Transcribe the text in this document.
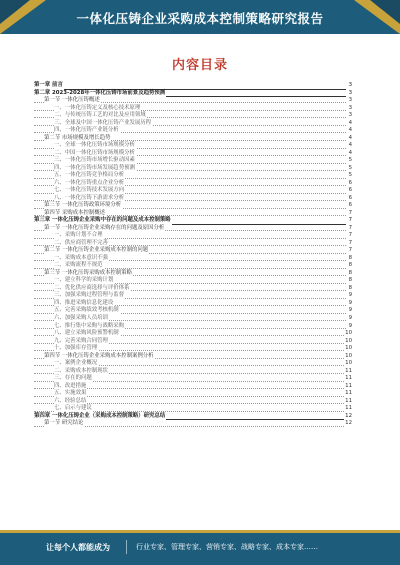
一体化压铸企业采购成本控制策略研究报告
内容目录
第一章 前言	3
第二章 2023-2028年一体化压铸市场前景及趋势预测	3
第一节 一体化压铸概述	3
一、一体化压铸定义及核心技术原理	3
二、与传统压铸工艺的对比及应用领域	3
三、全球及中国一体化压铸产业发展历程	4
四、一体化压铸产业链分析	4
第二节 市场规模及增长趋势	4
一、全球一体化压铸市场规模分析	4
二、中国一体化压铸市场规模分析	4
三、一体化压铸市场增长驱动因素	5
四、一体化压铸市场发展趋势预测	5
五、一体化压铸竞争格局分析	5
六、一体化压铸重点企业分析	6
七、一体化压铸技术发展方向	6
八、一体化压铸下游需求分析	6
第三节 一体化压铸政策环境分析	6
第四节 采购成本控制概述	7
第三章 一体化压铸企业采购中存在的问题及成本控制策略	7
第一节 一体化压铸企业采购存在的问题及原因分析	7
一、采购计划不合理	7
二、供应商管理不完善	7
第二节 一体化压铸企业采购成本控制的问题	7
一、采购成本意识不强	8
二、采购流程不规范	8
第三节 一体化压铸采购成本控制策略	8
一、建立科学的采购计划	8
二、优化供应商选择与评价体系	8
三、加强采购过程管理与监督	9
四、推进采购信息化建设	9
五、完善采购绩效考核机制	9
六、加强采购人员培训	9
七、推行集中采购与战略采购	9
八、建立采购风险预警机制	10
九、完善采购合同管理	10
十、加强库存管理	10
第四节 一体化压铸企业采购成本控制案例分析	10
一、案例企业概况	10
二、采购成本控制现状	11
三、存在的问题	11
四、改进措施	11
五、实施效果	11
六、经验总结	11
七、启示与建议	11
第四章 一体化压铸企业（采购成本控制策略）研究总结	12
第一节 研究结论	12
让每个人都能成为	行业专家、管理专家、营销专家、战略专家、成本专家……
